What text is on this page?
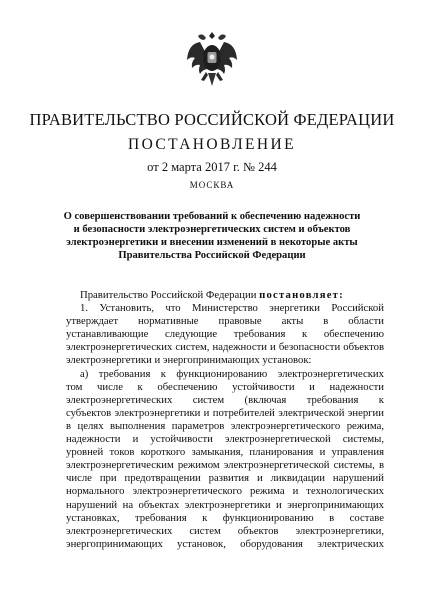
ПРАВИТЕЛЬСТВО РОССИЙСКОЙ ФЕДЕРАЦИИ
ПОСТАНОВЛЕНИЕ
от 2 марта 2017 г. № 244
МОСКВА
О совершенствовании требований к обеспечению надежности
и безопасности электроэнергетических систем и объектов
электроэнергетики и внесении изменений в некоторые акты
Правительства Российской Федерации
Правительство Российской Федерации постановляет:
1. Установить, что Министерство энергетики Российской
утверждает нормативные правовые акты в области
устанавливающие следующие требования к обеспечению
электроэнергетических систем, надежности и безопасности объектов
электроэнергетики и энергопринимающих установок:
а) требования к функционированию электроэнергетических
том числе к обеспечению устойчивости и надежности
электроэнергетических систем (включая требования к
субъектов электроэнергетики и потребителей электрической энергии
в целях выполнения параметров электроэнергетического режима,
надежности и устойчивости электроэнергетической системы,
уровней токов короткого замыкания, планирования и управления
электроэнергетическим режимом электроэнергетической системы, в
числе при предотвращении развития и ликвидации нарушений
нормального электроэнергетического режима и технологических
нарушений на объектах электроэнергетики и энергопринимающих
установках, требования к функционированию в составе
электроэнергетических систем объектов электроэнергетики,
энергопринимающих установок, оборудования электрических
